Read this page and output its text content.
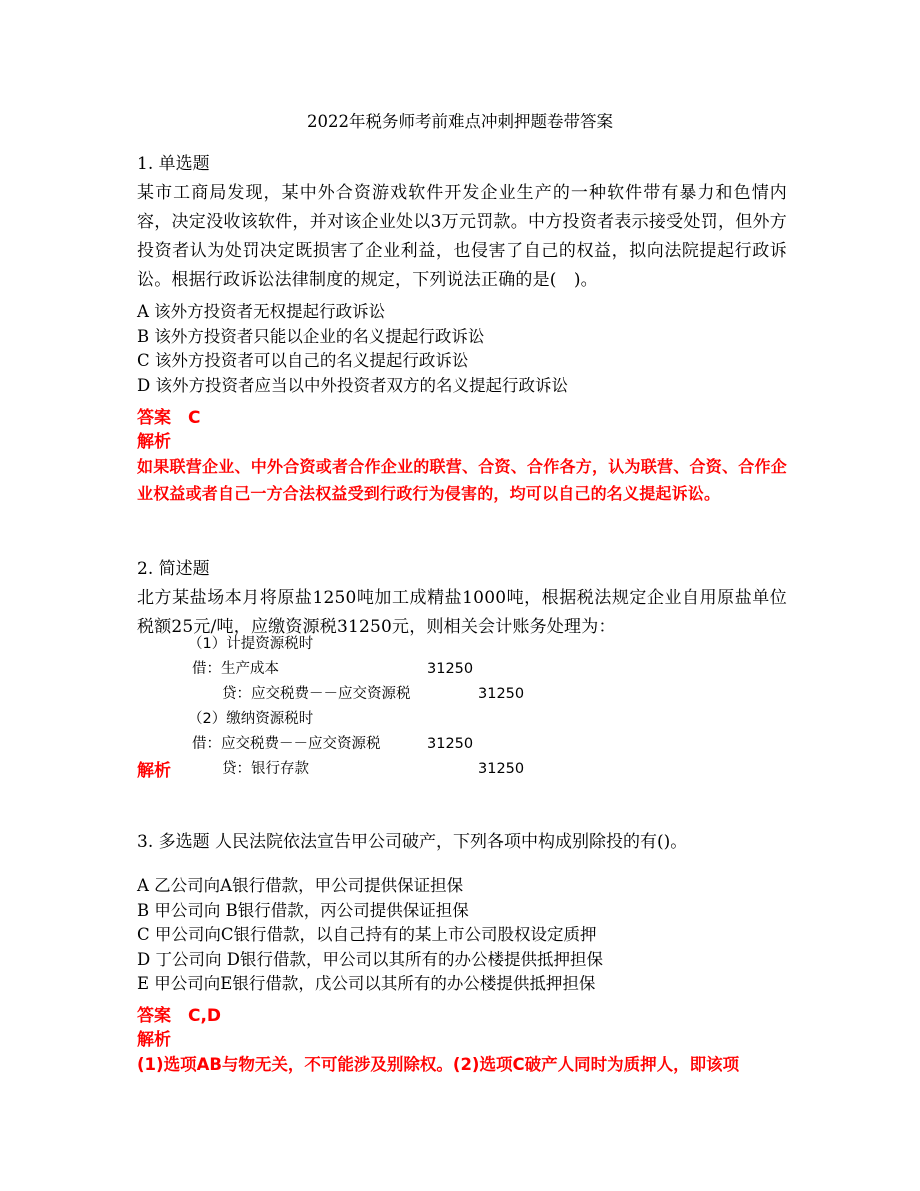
2022年税务师考前难点冲刺押题卷带答案
1. 单选题
某市工商局发现，某中外合资游戏软件开发企业生产的一种软件带有暴力和色情内容，决定没收该软件，并对该企业处以3万元罚款。中方投资者表示接受处罚，但外方投资者认为处罚决定既损害了企业利益，也侵害了自己的权益，拟向法院提起行政诉讼。根据行政诉讼法律制度的规定，下列说法正确的是(　)。
A 该外方投资者无权提起行政诉讼
B 该外方投资者只能以企业的名义提起行政诉讼
C 该外方投资者可以自己的名义提起行政诉讼
D 该外方投资者应当以中外投资者双方的名义提起行政诉讼
答案　C
解析
如果联营企业、中外合资或者合作企业的联营、合资、合作各方，认为联营、合资、合作企业权益或者自己一方合法权益受到行政行为侵害的，均可以自己的名义提起诉讼。
2. 简述题
北方某盐场本月将原盐1250吨加工成精盐1000吨，根据税法规定企业自用原盐单位税额25元/吨，应缴资源税31250元，则相关会计账务处理为：
（1）计提资源税时
借：生产成本	31250
贷：应交税费－－应交资源税	31250
（2）缴纳资源税时
借：应交税费－－应交资源税	31250
贷：银行存款	31250
解析
3. 多选题 人民法院依法宣告甲公司破产，下列各项中构成别除投的有()。
A 乙公司向A银行借款，甲公司提供保证担保
B 甲公司向 B银行借款，丙公司提供保证担保
C 甲公司向C银行借款，以自己持有的某上市公司股权设定质押
D 丁公司向 D银行借款，甲公司以其所有的办公楼提供抵押担保
E 甲公司向E银行借款，戊公司以其所有的办公楼提供抵押担保
答案　C,D
解析
(1)选项AB与物无关，不可能涉及别除权。(2)选项C破产人同时为质押人，即该项
